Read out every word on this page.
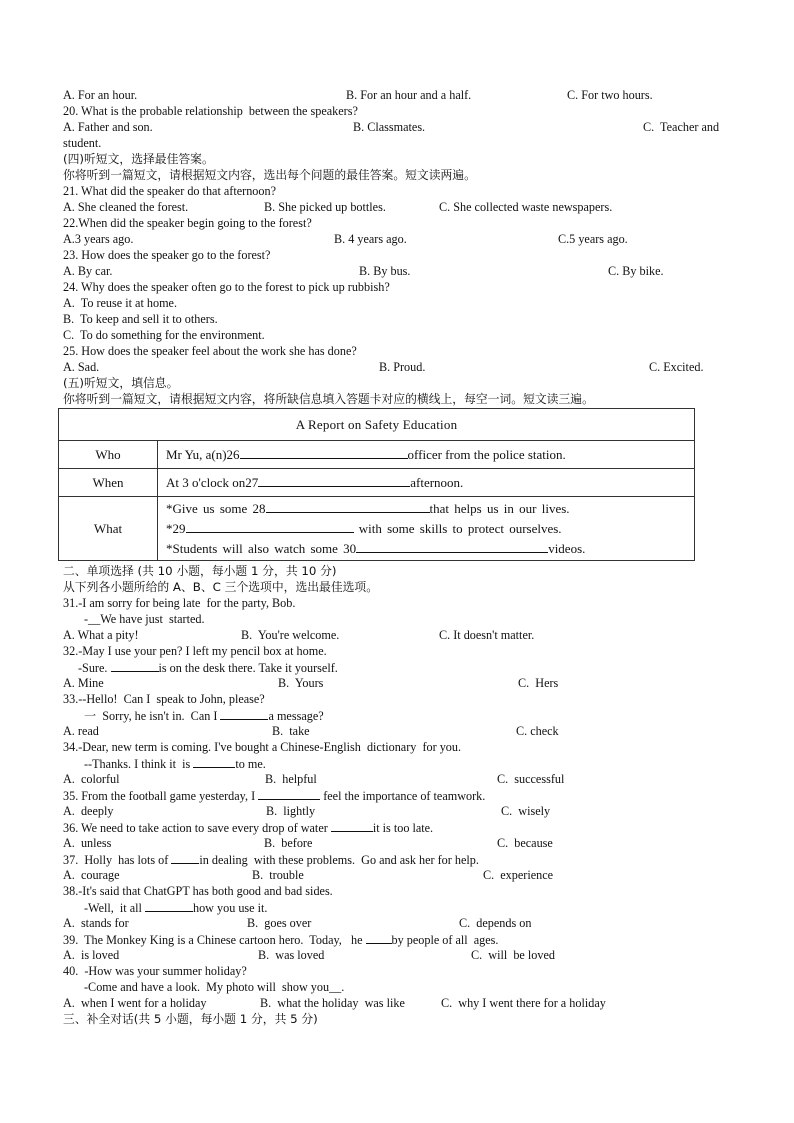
A. For an hour.	B. For an hour and a half.	C. For two hours.
20. What is the probable relationship  between the speakers?
A. Father and son.	B. Classmates.	C.  Teacher and
student.
(四)听短文，选择最佳答案。
你将听到一篇短文，请根据短文内容，选出每个问题的最佳答案。短文读两遍。
21. What did the speaker do that afternoon?
A. She cleaned the forest.	B. She picked up bottles.	C. She collected waste newspapers.
22.When did the speaker begin going to the forest?
A.3 years ago.	B. 4 years ago.	C.5 years ago.
23. How does the speaker go to the forest?
A. By car.	B. By bus.	C. By bike.
24. Why does the speaker often go to the forest to pick up rubbish?
A.  To reuse it at home.
B.  To keep and sell it to others.
C.  To do something for the environment.
25. How does the speaker feel about the work she has done?
A. Sad.	B. Proud.	C. Excited.
(五)听短文，填信息。
你将听到一篇短文，请根据短文内容，将所缺信息填入答题卡对应的横线上，每空一词。短文读三遍。
A Report on Safety Education	
Who	Mr Yu, a(n)26 officer from the police station.
When	At 3 o'clock on27 afternoon.
What	*Give us some 28 that helps us in our lives.
*29 with some skills to protect ourselves.
*Students will also watch some 30 videos.
二、单项选择 (共 10 小题，每小题 1 分，共 10 分)
从下列各小题所给的 A、B、C 三个选项中，选出最佳选项。
31.-I am sorry for being late  for the party, Bob.
-__We have just  started.
A. What a pity!	B.  You're welcome.	C. It doesn't matter.
32.-May I use your pen? I left my pencil box at home.
-Sure.	is on the desk there. Take it yourself.
A. Mine	B.  Yours	C.  Hers
33.--Hello!  Can I  speak to John, please?
一  Sorry, he isn't in.  Can I	a message?
A. read	B.  take	C. check
34.-Dear, new term is coming. I've bought a Chinese-English  dictionary  for you.
--Thanks. I think it  is	to me.
A.  colorful	B.  helpful	C.  successful
35. From the football game yesterday, I	feel the importance of teamwork.
A.  deeply	B.  lightly	C.  wisely
36. We need to take action to save every drop of water	it is too late.
A.  unless	B.  before	C.  because
37.  Holly  has lots of in dealing  with these problems.  Go and ask her for help.
A.  courage	B.  trouble	C.  experience
38.-It's said that ChatGPT has both good and bad sides.
-Well,  it all	how you use it.
A.  stands for	B.  goes over	C.  depends on
39.  The Monkey King is a Chinese cartoon hero.  Today,   he by people of all  ages.
A.  is loved	B.  was loved	C.  will  be loved
40.  -How was your summer holiday?
-Come and have a look.  My photo will  show you__.
A.  when I went for a holiday	B.  what the holiday  was like	C.  why I went there for a holiday
三、补全对话(共 5 小题，每小题 1 分，共 5 分)
